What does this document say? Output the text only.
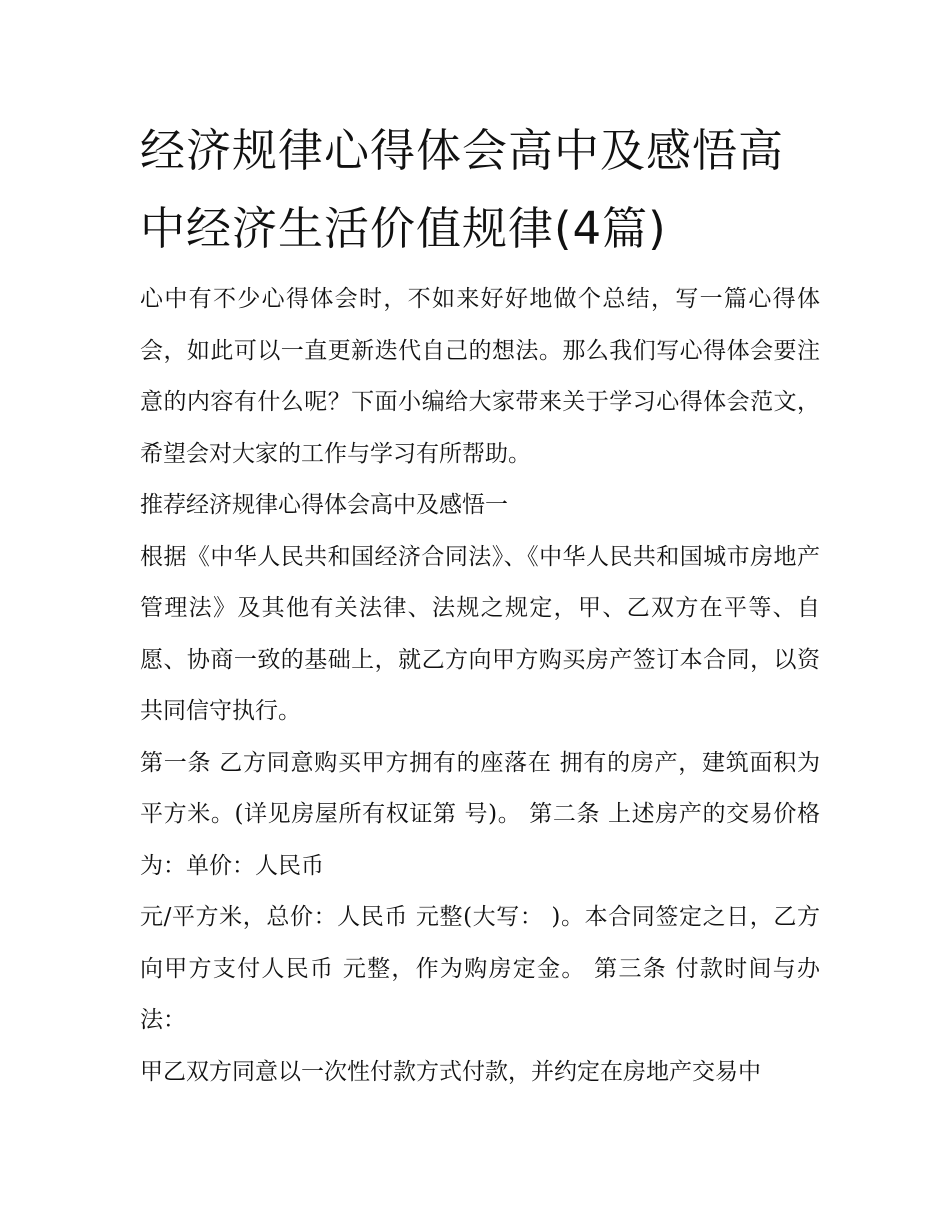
经济规律心得体会高中及感悟高中经济生活价值规律(4篇)

心中有不少心得体会时，不如来好好地做个总结，写一篇心得体会，如此可以一直更新迭代自己的想法。那么我们写心得体会要注意的内容有什么呢？下面小编给大家带来关于学习心得体会范文，希望会对大家的工作与学习有所帮助。

推荐经济规律心得体会高中及感悟一

根据《中华人民共和国经济合同法》、《中华人民共和国城市房地产管理法》及其他有关法律、法规之规定，甲、乙双方在平等、自愿、协商一致的基础上，就乙方向甲方购买房产签订本合同，以资共同信守执行。

第一条 乙方同意购买甲方拥有的座落在 拥有的房产，建筑面积为 平方米。(详见房屋所有权证第 号)。 第二条 上述房产的交易价格为：单价：人民币

元/平方米，总价：人民币 元整(大写： )。本合同签定之日，乙方向甲方支付人民币 元整，作为购房定金。 第三条 付款时间与办法：

甲乙双方同意以一次性付款方式付款，并约定在房地产交易中
